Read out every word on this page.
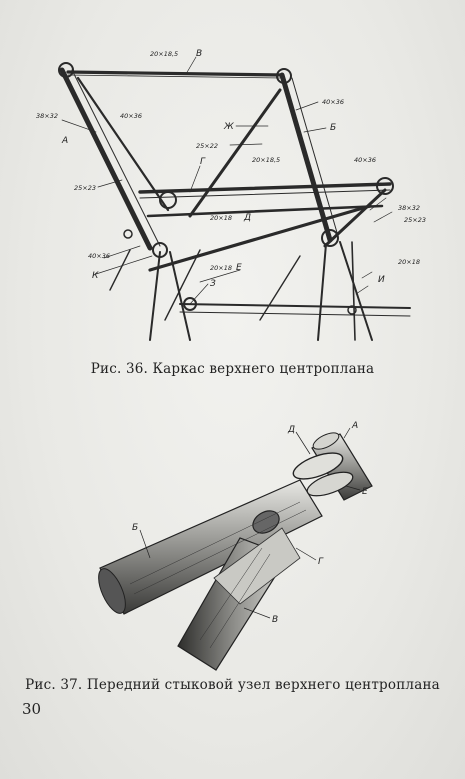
20×18,5 В
40×36
Б
38×32	40×36
А
Ж
25×22
Г	20×18,5	40×36
25×23
20×18 Д
38×32
25×23
40×36
К
20×18 Е
З
20×18
И
Рис. 36. Каркас верхнего центроплана
Д	А
Е
Б
Г
В
Рис. 37. Передний стыковой узел верхнего центроплана
30
